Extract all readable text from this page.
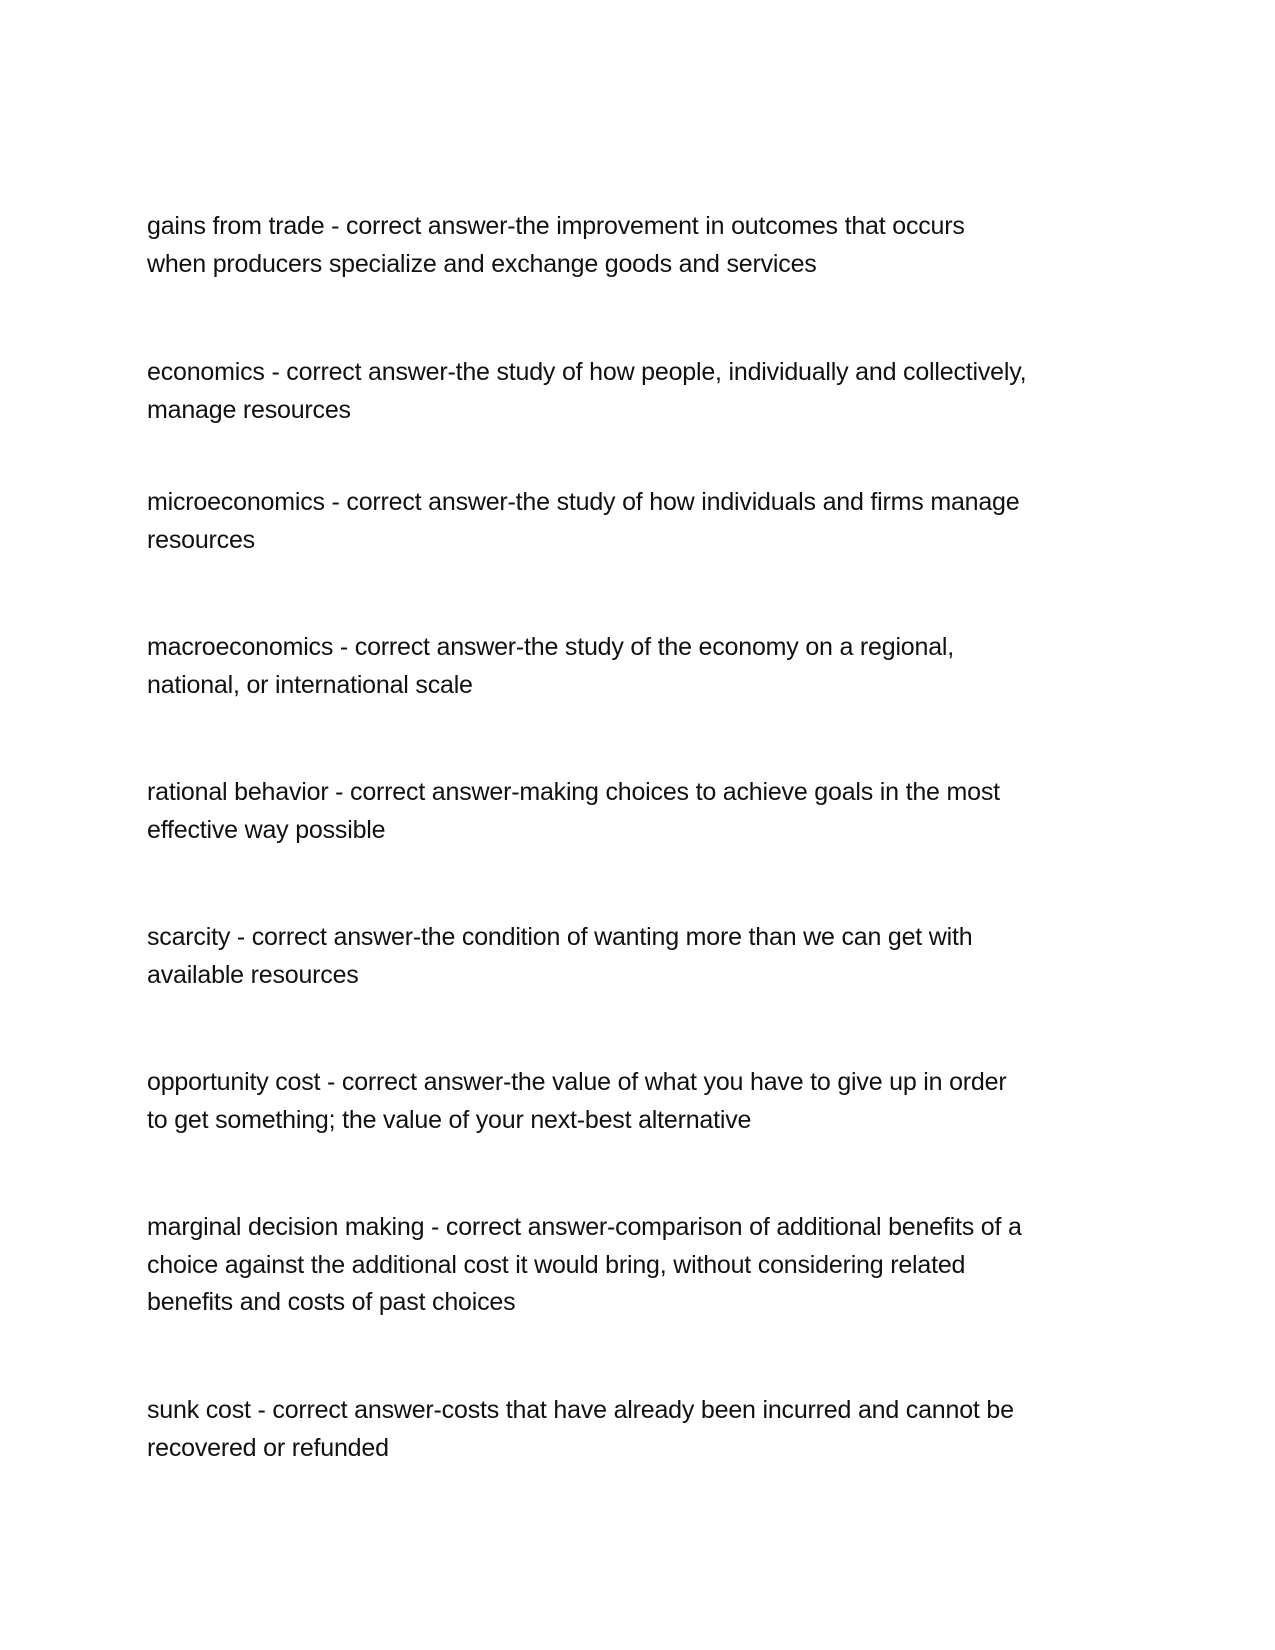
gains from trade - correct answer-the improvement in outcomes that occurs
when producers specialize and exchange goods and services

economics - correct answer-the study of how people, individually and collectively,
manage resources

microeconomics - correct answer-the study of how individuals and firms manage
resources

macroeconomics - correct answer-the study of the economy on a regional,
national, or international scale

rational behavior - correct answer-making choices to achieve goals in the most
effective way possible

scarcity - correct answer-the condition of wanting more than we can get with
available resources

opportunity cost - correct answer-the value of what you have to give up in order
to get something; the value of your next-best alternative

marginal decision making - correct answer-comparison of additional benefits of a
choice against the additional cost it would bring, without considering related
benefits and costs of past choices

sunk cost - correct answer-costs that have already been incurred and cannot be
recovered or refunded
